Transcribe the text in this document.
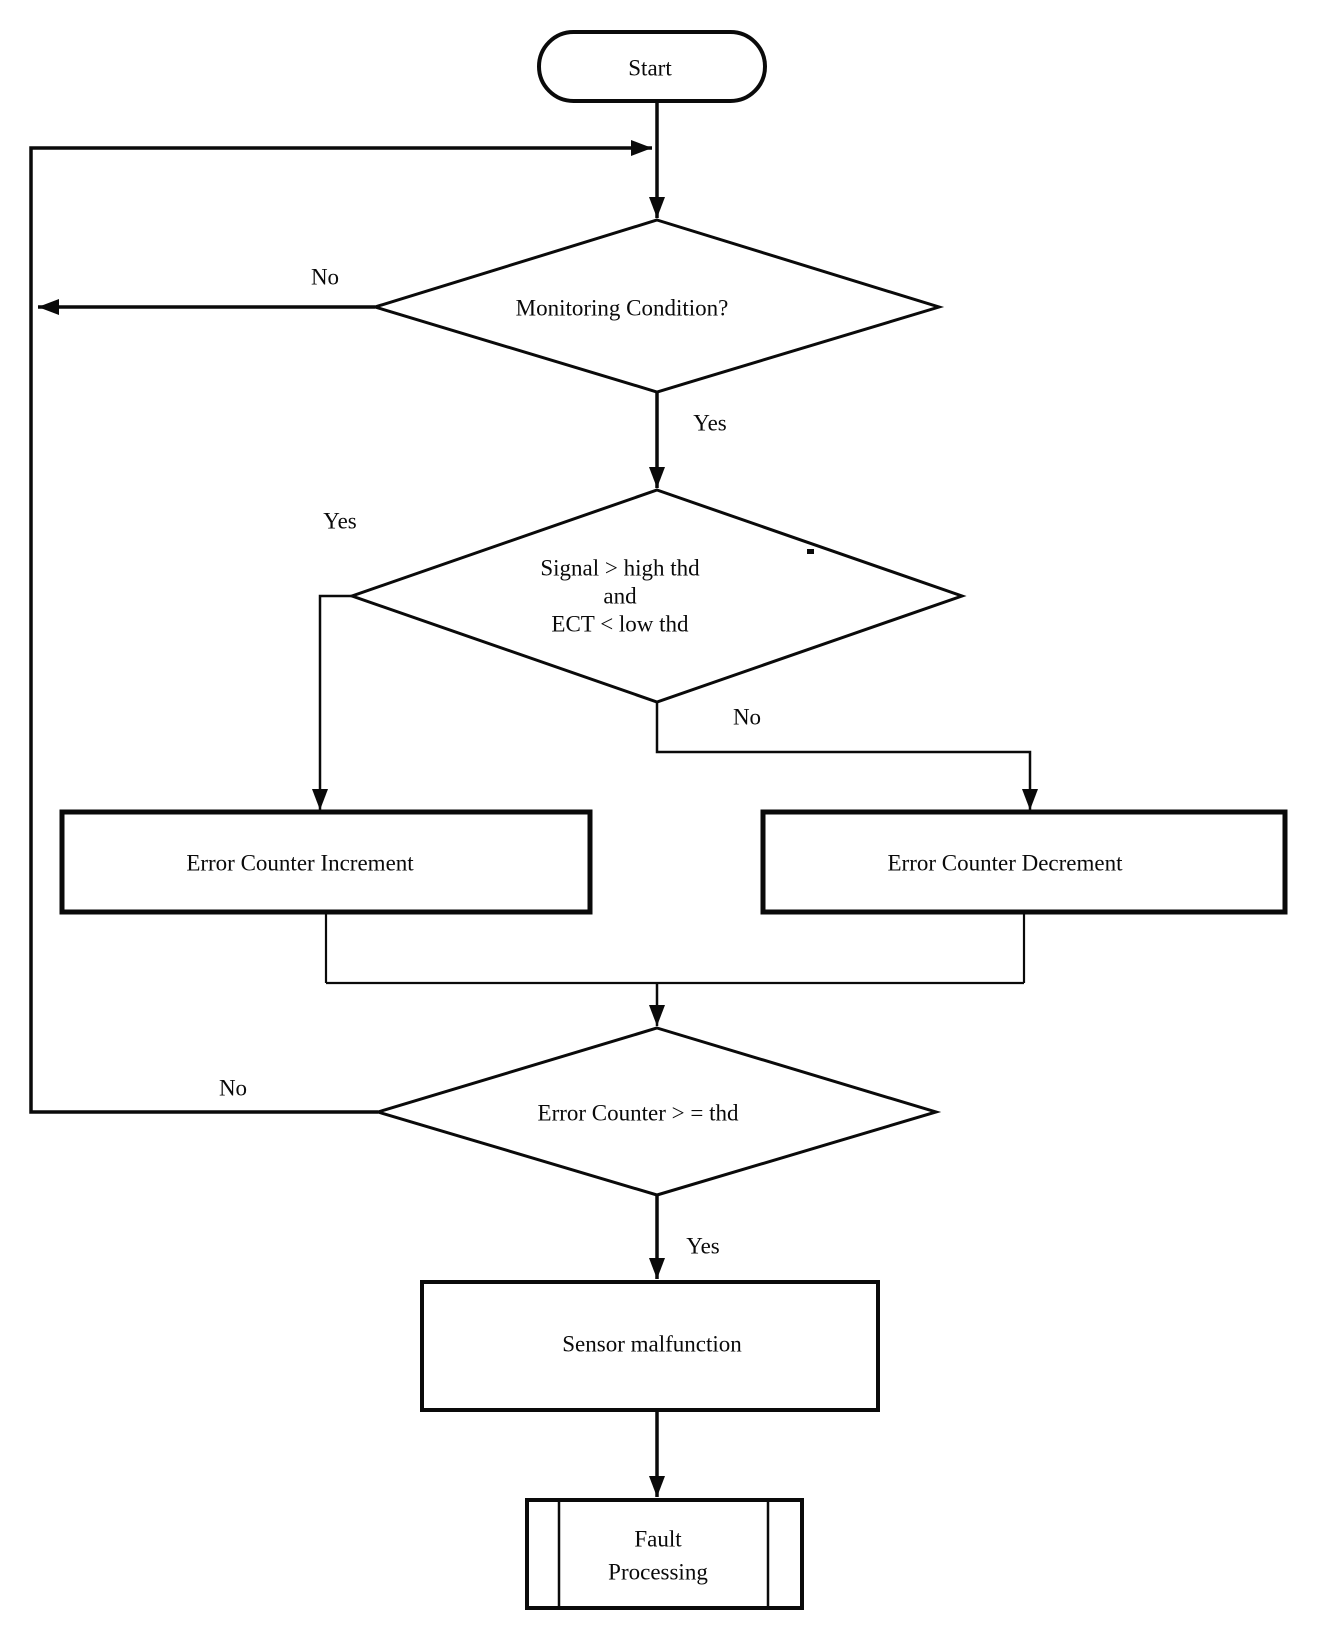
No
Yes
Yes
No
No
Yes
Start
Monitoring Condition?
Signal > high thd
and
ECT < low thd
Error Counter Increment	Error Counter Decrement
Error Counter > = thd
Sensor malfunction
Fault
Processing
